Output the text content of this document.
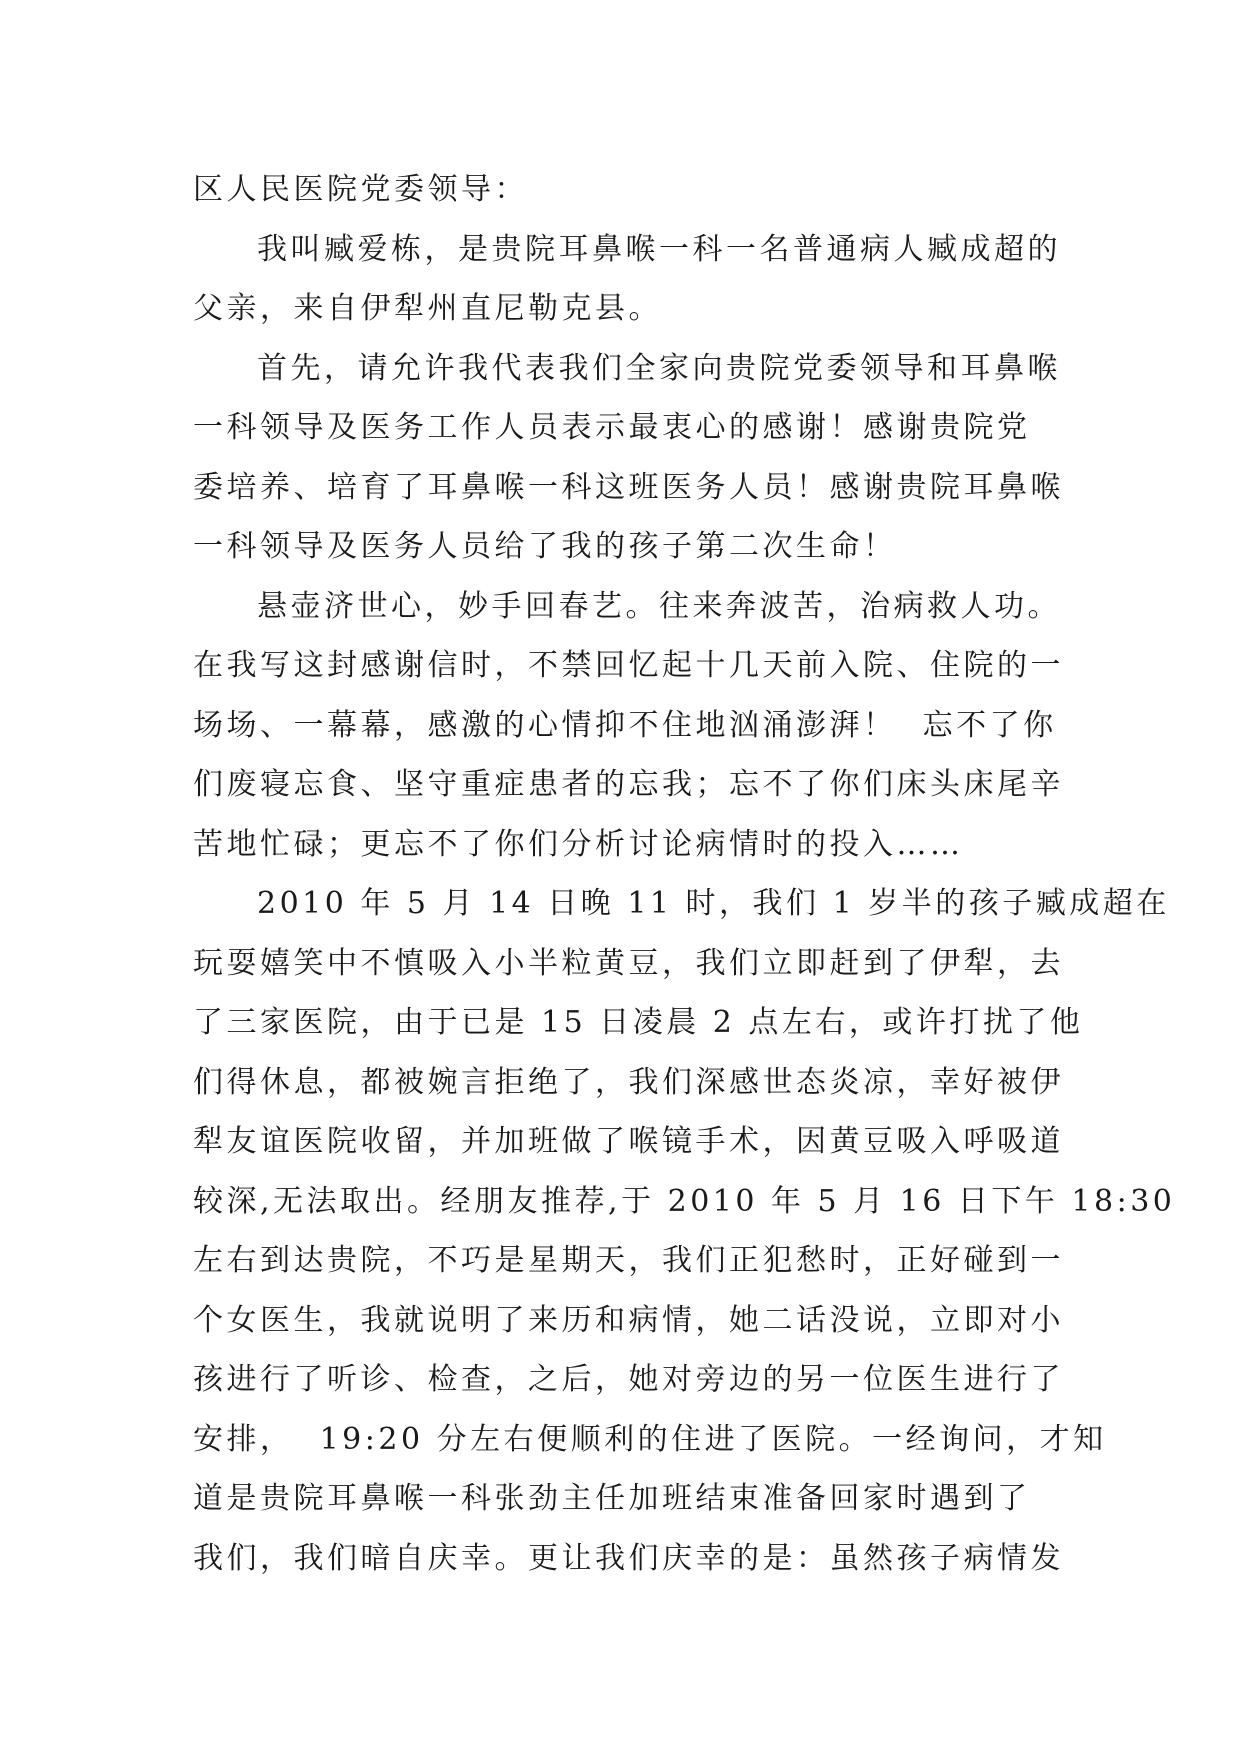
区人民医院党委领导：
我叫臧爱栋，是贵院耳鼻喉一科一名普通病人臧成超的
父亲，来自伊犁州直尼勒克县。
首先，请允许我代表我们全家向贵院党委领导和耳鼻喉
一科领导及医务工作人员表示最衷心的感谢！感谢贵院党
委培养、培育了耳鼻喉一科这班医务人员！感谢贵院耳鼻喉
一科领导及医务人员给了我的孩子第二次生命！
悬壶济世心，妙手回春艺。往来奔波苦，治病救人功。
在我写这封感谢信时，不禁回忆起十几天前入院、住院的一
场场、一幕幕，感激的心情抑不住地汹涌澎湃！  忘不了你
们废寝忘食、坚守重症患者的忘我；忘不了你们床头床尾辛
苦地忙碌；更忘不了你们分析讨论病情时的投入……
2010 年 5 月 14 日晚 11 时，我们 1 岁半的孩子臧成超在
玩耍嬉笑中不慎吸入小半粒黄豆，我们立即赶到了伊犁，去
了三家医院，由于已是 15 日凌晨 2 点左右，或许打扰了他
们得休息，都被婉言拒绝了，我们深感世态炎凉，幸好被伊
犁友谊医院收留，并加班做了喉镜手术，因黄豆吸入呼吸道
较深,无法取出。经朋友推荐,于 2010 年 5 月 16 日下午 18:30
左右到达贵院，不巧是星期天，我们正犯愁时，正好碰到一
个女医生，我就说明了来历和病情，她二话没说，立即对小
孩进行了听诊、检查，之后，她对旁边的另一位医生进行了
安排，  19:20 分左右便顺利的住进了医院。一经询问，才知
道是贵院耳鼻喉一科张劲主任加班结束准备回家时遇到了
我们，我们暗自庆幸。更让我们庆幸的是：虽然孩子病情发
